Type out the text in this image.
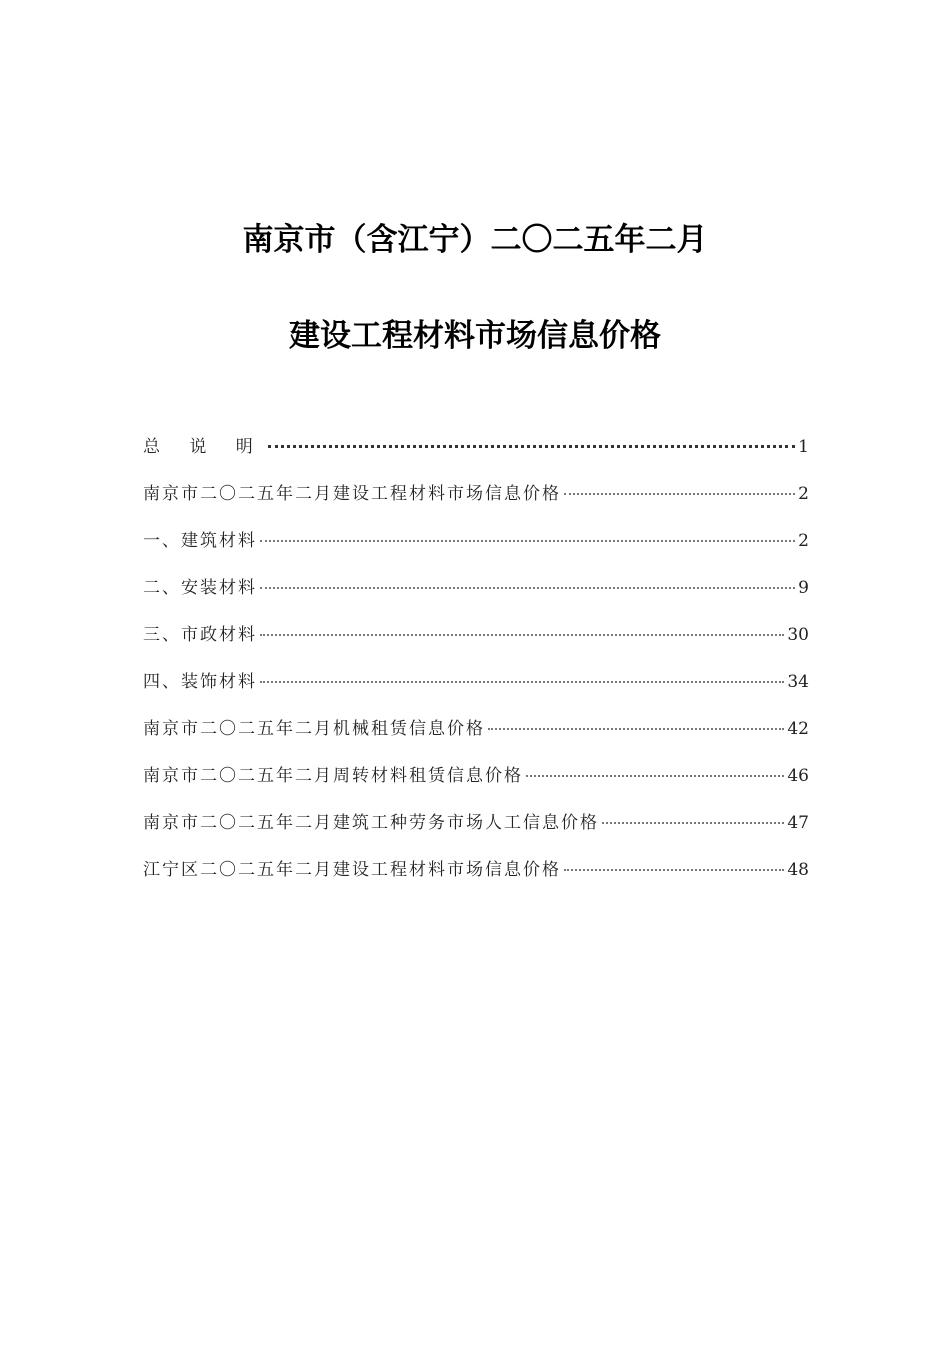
南京市（含江宁）二〇二五年二月
建设工程材料市场信息价格
总 说 明	1
南京市二〇二五年二月建设工程材料市场信息价格	2
一、建筑材料	2
二、安装材料	9
三、市政材料	30
四、装饰材料	34
南京市二〇二五年二月机械租赁信息价格	42
南京市二〇二五年二月周转材料租赁信息价格	46
南京市二〇二五年二月建筑工种劳务市场人工信息价格	47
江宁区二〇二五年二月建设工程材料市场信息价格	48
